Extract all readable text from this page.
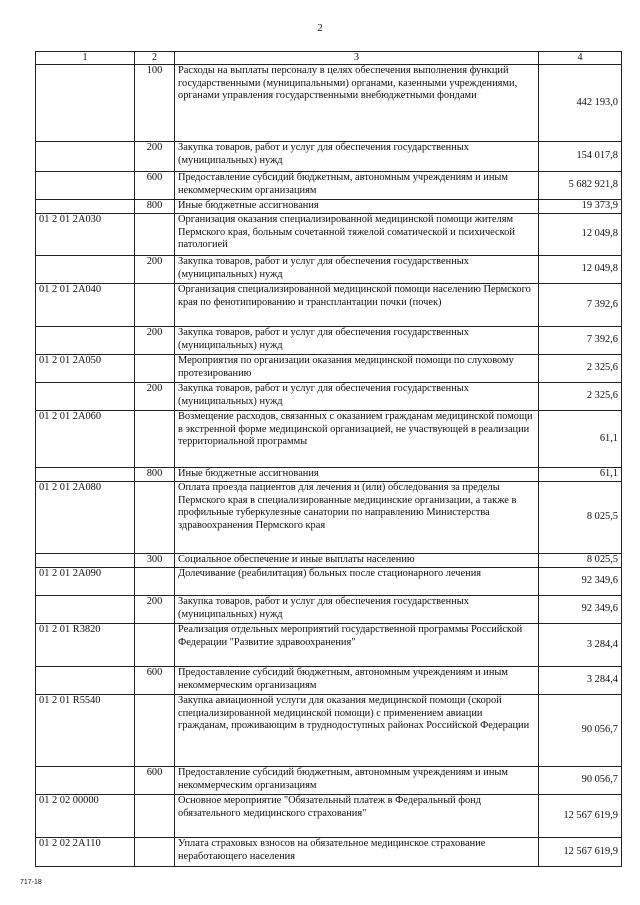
2
1	2	3	4
	100	Расходы на выплаты персоналу в целях обеспечения выполнения функций государственными (муниципальными) органами, казенными учреждениями, органами управления государственными внебюджетными фондами	442 193,0
	200	Закупка товаров, работ и услуг для обеспечения государственных (муниципальных) нужд	154 017,8
	600	Предоставление субсидий бюджетным, автономным учреждениям и иным некоммерческим организациям	5 682 921,8
	800	Иные бюджетные ассигнования	19 373,9
01 2 01 2А030		Организация оказания специализированной медицинской помощи жителям Пермского края, больным сочетанной тяжелой соматической и психической патологией	12 049,8
	200	Закупка товаров, работ и услуг для обеспечения государственных (муниципальных) нужд	12 049,8
01 2 01 2А040		Организация специализированной медицинской помощи населению Пермского края по фенотипированию и трансплантации почки (почек)	7 392,6
	200	Закупка товаров, работ и услуг для обеспечения государственных (муниципальных) нужд	7 392,6
01 2 01 2А050		Мероприятия по организации оказания медицинской помощи по слуховому протезированию	2 325,6
	200	Закупка товаров, работ и услуг для обеспечения государственных (муниципальных) нужд	2 325,6
01 2 01 2А060		Возмещение расходов, связанных с оказанием гражданам медицинской помощи в экстренной форме медицинской организацией, не участвующей в реализации территориальной программы	61,1
	800	Иные бюджетные ассигнования	61,1
01 2 01 2А080		Оплата проезда пациентов для лечения и (или) обследования за пределы Пермского края в специализированные медицинские организации, а также в профильные туберкулезные санатории по направлению Министерства здравоохранения Пермского края	8 025,5
	300	Социальное обеспечение и иные выплаты населению	8 025,5
01 2 01 2А090		Долечивание (реабилитация) больных после стационарного лечения	92 349,6
	200	Закупка товаров, работ и услуг для обеспечения государственных (муниципальных) нужд	92 349,6
01 2 01 R3820		Реализация отдельных мероприятий государственной программы Российской Федерации "Развитие здравоохранения"	3 284,4
	600	Предоставление субсидий бюджетным, автономным учреждениям и иным некоммерческим организациям	3 284,4
01 2 01 R5540		Закупка авиационной услуги для оказания медицинской помощи (скорой специализированной медицинской помощи) с применением авиации гражданам, проживающим в труднодоступных районах Российской Федерации	90 056,7
	600	Предоставление субсидий бюджетным, автономным учреждениям и иным некоммерческим организациям	90 056,7
01 2 02 00000		Основное мероприятие "Обязательный платеж в Федеральный фонд обязательного медицинского страхования"	12 567 619,9
01 2 02 2А110		Уплата страховых взносов на обязательное медицинское страхование неработающего населения	12 567 619,9
717-18
